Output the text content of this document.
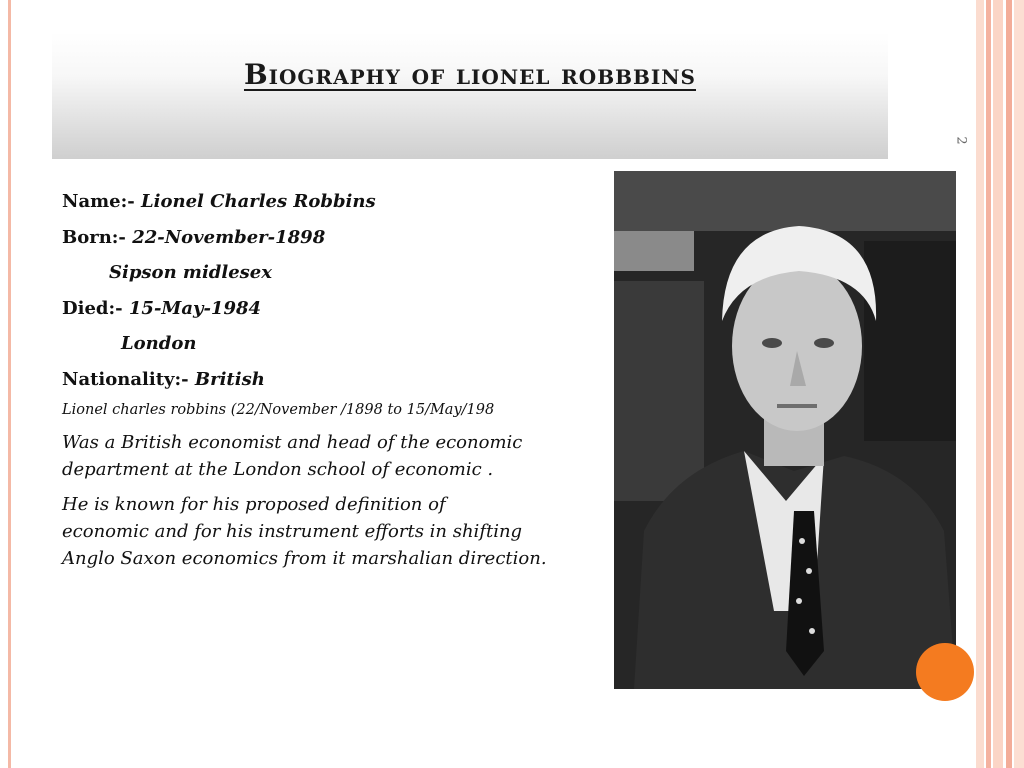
Biography of lionel robbbins
2
Name:- Lionel Charles Robbins
Born:- 22-November-1898
Sipson midlesex
Died:- 15-May-1984
London
Nationality:- British
Lionel charles robbins (22/November /1898 to 15/May/198
Was a British economist and head of the economic
department at the London school of economic .
He is known for his proposed definition of
economic and for his instrument efforts in shifting
Anglo Saxon economics from it marshalian direction.
